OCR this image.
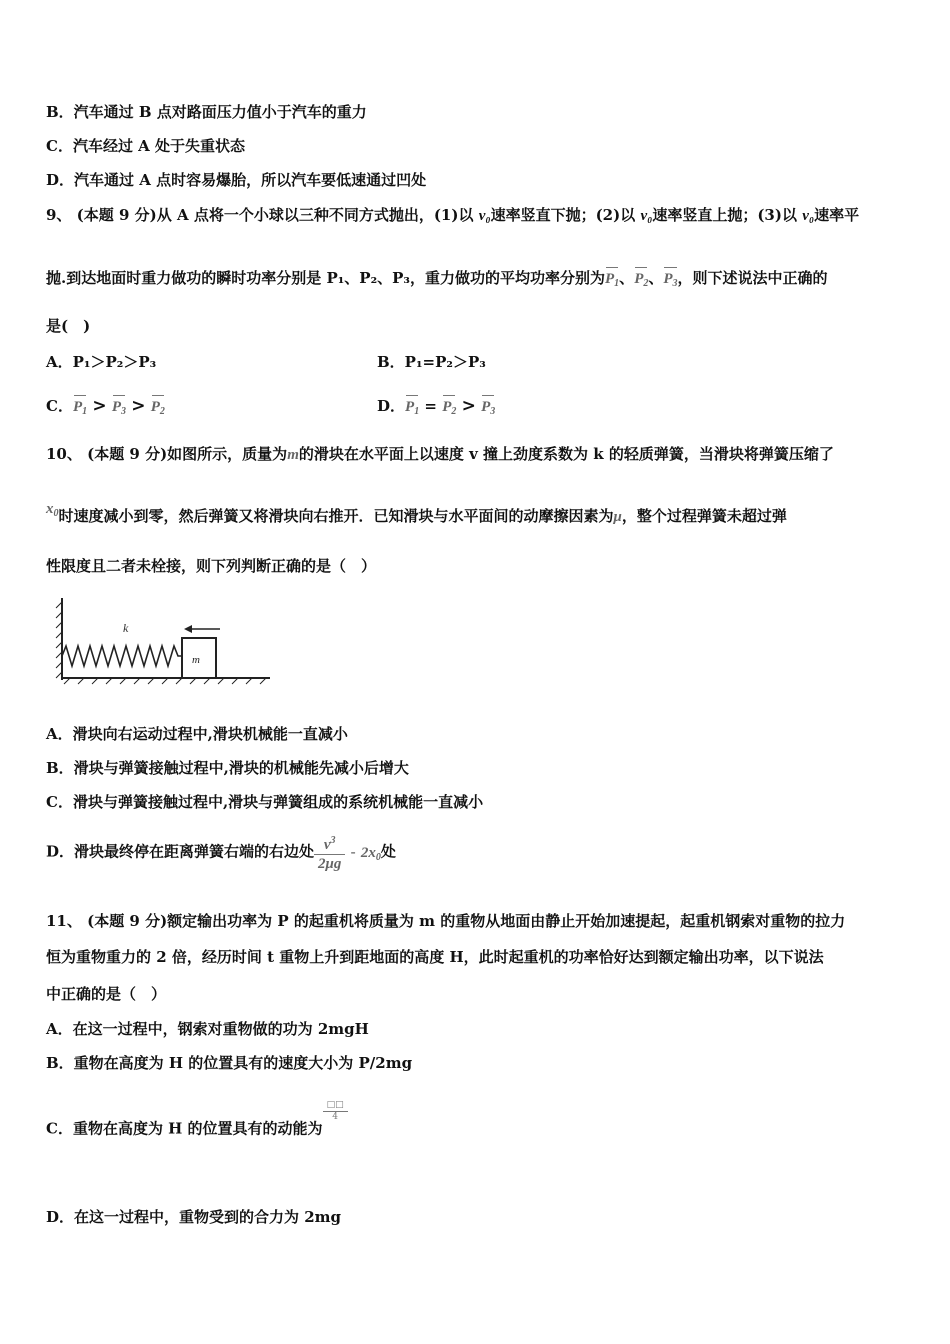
B．汽车通过 B 点对路面压力值小于汽车的重力
C．汽车经过 A 处于失重状态
D．汽车通过 A 点时容易爆胎，所以汽车要低速通过凹处
9、 (本题 9 分)从 A 点将一个小球以三种不同方式抛出，(1)以 v₀速率竖直下抛；(2)以 v₀速率竖直上抛；(3)以 v₀速率平
抛.到达地面时重力做功的瞬时功率分别是 P₁、P₂、P₃，重力做功的平均功率分别为$P_1$、$P_2$、$P_3$，则下述说法中正确的
是(　)
A．P₁＞P₂＞P₃	B．P₁=P₂＞P₃
C．$P_1 > P_3 > P_2$	D．$P_1 = P_2 > P_3$
10、 (本题 9 分)如图所示，质量为m的滑块在水平面上以速度 v 撞上劲度系数为 k 的轻质弹簧，当滑块将弹簧压缩了
$x_0$时速度减小到零，然后弹簧又将滑块向右推开．已知滑块与水平面间的动摩擦因素为μ，整个过程弹簧未超过弹
性限度且二者未栓接，则下列判断正确的是（　）
m
k
A．滑块向右运动过程中,滑块机械能一直减小
B．滑块与弹簧接触过程中,滑块的机械能先减小后增大
C．滑块与弹簧接触过程中,滑块与弹簧组成的系统机械能一直减小
D．滑块最终停在距离弹簧右端的右边处 $\frac{v^3}{2\mu g} - 2x_0$处
11、 (本题 9 分)额定输出功率为 P 的起重机将质量为 m 的重物从地面由静止开始加速提起，起重机钢索对重物的拉力
恒为重物重力的 2 倍，经历时间 t 重物上升到距地面的高度 H，此时起重机的功率恰好达到额定输出功率，以下说法
中正确的是（　）
A．在这一过程中，钢索对重物做的功为 2mgH
B．重物在高度为 H 的位置具有的速度大小为 P/2mg
C．重物在高度为 H 的位置具有的动能为
$\frac{□□}{4}$
D．在这一过程中，重物受到的合力为 2mg
